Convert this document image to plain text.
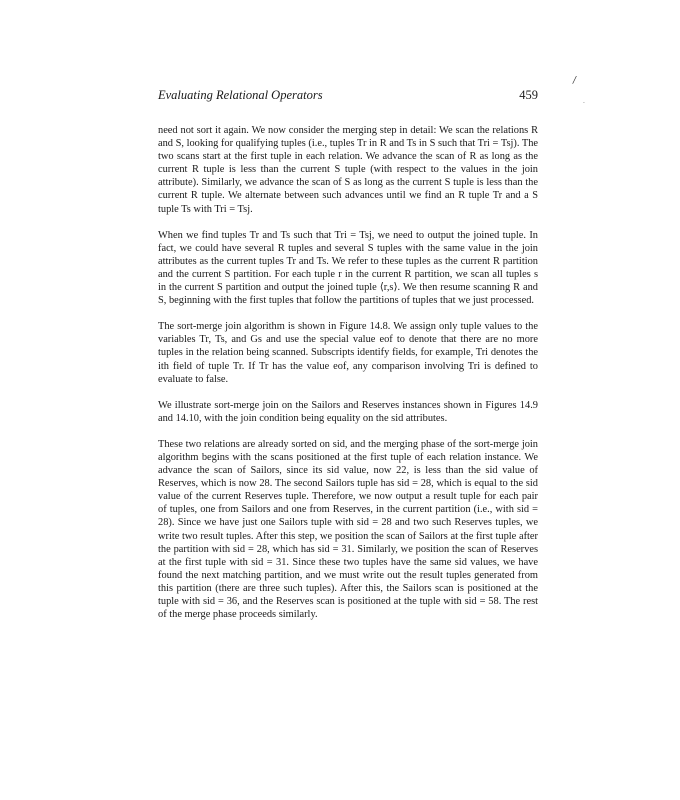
/
.
Evaluating Relational Operators	459

need not sort it again. We now consider the merging step in detail: We scan the relations R and S, looking for qualifying tuples (i.e., tuples Tr in R and Ts in S such that Tri = Tsj). The two scans start at the first tuple in each relation. We advance the scan of R as long as the current R tuple is less than the current S tuple (with respect to the values in the join attribute). Similarly, we advance the scan of S as long as the current S tuple is less than the current R tuple. We alternate between such advances until we find an R tuple Tr and a S tuple Ts with Tri = Tsj.

When we find tuples Tr and Ts such that Tri = Tsj, we need to output the joined tuple. In fact, we could have several R tuples and several S tuples with the same value in the join attributes as the current tuples Tr and Ts. We refer to these tuples as the current R partition and the current S partition. For each tuple r in the current R partition, we scan all tuples s in the current S partition and output the joined tuple ⟨r,s⟩. We then resume scanning R and S, beginning with the first tuples that follow the partitions of tuples that we just processed.

The sort-merge join algorithm is shown in Figure 14.8. We assign only tuple values to the variables Tr, Ts, and Gs and use the special value eof to denote that there are no more tuples in the relation being scanned. Subscripts identify fields, for example, Tri denotes the ith field of tuple Tr. If Tr has the value eof, any comparison involving Tri is defined to evaluate to false.

We illustrate sort-merge join on the Sailors and Reserves instances shown in Figures 14.9 and 14.10, with the join condition being equality on the sid attributes.

These two relations are already sorted on sid, and the merging phase of the sort-merge join algorithm begins with the scans positioned at the first tuple of each relation instance. We advance the scan of Sailors, since its sid value, now 22, is less than the sid value of Reserves, which is now 28. The second Sailors tuple has sid = 28, which is equal to the sid value of the current Reserves tuple. Therefore, we now output a result tuple for each pair of tuples, one from Sailors and one from Reserves, in the current partition (i.e., with sid = 28). Since we have just one Sailors tuple with sid = 28 and two such Reserves tuples, we write two result tuples. After this step, we position the scan of Sailors at the first tuple after the partition with sid = 28, which has sid = 31. Similarly, we position the scan of Reserves at the first tuple with sid = 31. Since these two tuples have the same sid values, we have found the next matching partition, and we must write out the result tuples generated from this partition (there are three such tuples). After this, the Sailors scan is positioned at the tuple with sid = 36, and the Reserves scan is positioned at the tuple with sid = 58. The rest of the merge phase proceeds similarly.
